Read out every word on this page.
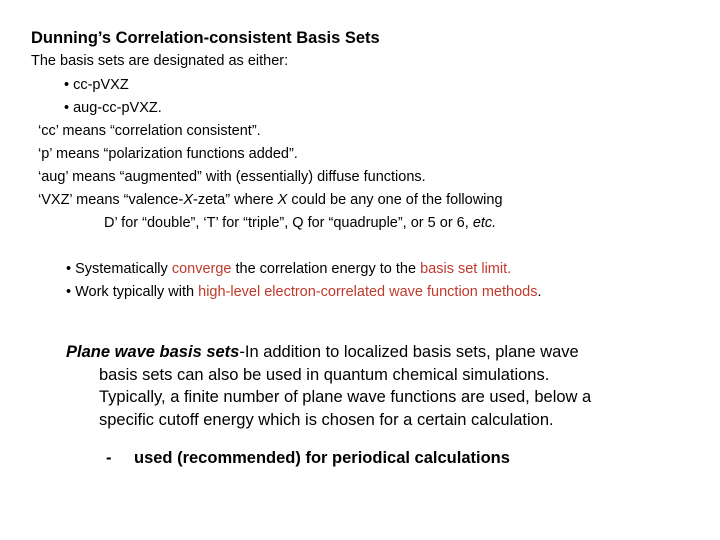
Dunning’s Correlation-consistent Basis Sets
The basis sets are designated as either:
• cc-pVXZ
• aug-cc-pVXZ.
‘cc’ means “correlation consistent”.
‘p’ means “polarization functions added”.
‘aug’ means “augmented” with (essentially) diffuse functions.
‘VXZ’ means “valence-X-zeta” where X could be any one of the following
D’ for “double”, ‘T’ for “triple”, Q for “quadruple”, or 5 or 6, etc.
• Systematically converge the correlation energy to the basis set limit.
• Work typically with high-level electron-correlated wave function methods.
Plane wave basis sets-In addition to localized basis sets, plane wave
basis sets can also be used in quantum chemical simulations.
Typically, a finite number of plane wave functions are used, below a
specific cutoff energy which is chosen for a certain calculation.
- used (recommended) for periodical calculations
